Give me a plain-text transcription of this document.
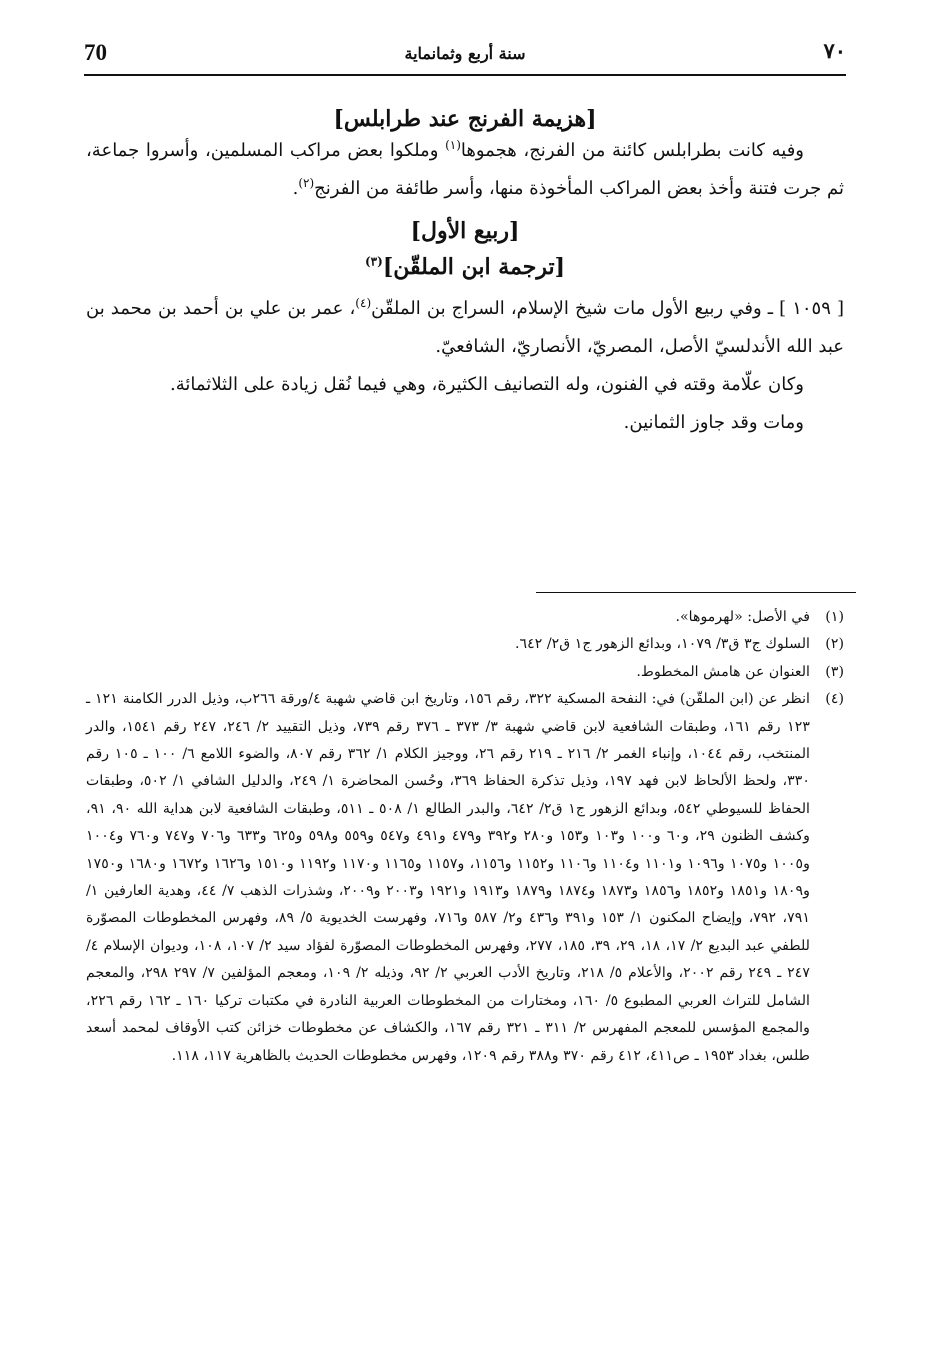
70	سنة أربع وثمانماية	٧٠
[هزيمة الفرنج عند طرابلس]

وفيه كانت بطرابلس كائنة من الفرنج، هجموها$^{(١)}$ وملكوا بعض مراكب المسلمين، وأسروا جماعة، ثم جرت فتنة وأخذ بعض المراكب المأخوذة منها، وأسر طائفة من الفرنج$^{(٢)}$.

[ربيع الأول]
[ترجمة ابن الملقّن]$^{(٣)}$

[ ١٠٥٩ ] ـ وفي ربيع الأول مات شيخ الإسلام، السراج بن الملقّن$^{(٤)}$، عمر بن علي بن أحمد بن محمد بن عبد الله الأندلسيّ الأصل، المصريّ، الأنصاريّ، الشافعيّ.

وكان علّامة وقته في الفنون، وله التصانيف الكثيرة، وهي فيما نُقل زيادة على الثلاثمائة.

ومات وقد جاوز الثمانين.

(١)
في الأصل: «لهرموها».
(٢)
السلوك ج٣ ق٣/ ١٠٧٩، وبدائع الزهور ج١ ق٢/ ٦٤٢.
(٣)
العنوان عن هامش المخطوط.
(٤)
انظر عن (ابن الملقّن) في: النفحة المسكية ٣٢٢، رقم ١٥٦، وتاريخ ابن قاضي شهبة ٤/ورقة ٢٦٦ب، وذيل الدرر الكامنة ١٢١ ـ ١٢٣ رقم ١٦١، وطبقات الشافعية لابن قاضي شهبة ٣/ ٣٧٣ ـ ٣٧٦ رقم ٧٣٩، وذيل التقييد ٢/ ٢٤٦، ٢٤٧ رقم ١٥٤١، والدر المنتخب، رقم ١٠٤٤، وإنباء الغمر ٢/ ٢١٦ ـ ٢١٩ رقم ٢٦، ووجيز الكلام ١/ ٣٦٢ رقم ٨٠٧، والضوء اللامع ٦/ ١٠٠ ـ ١٠٥ رقم ٣٣٠، ولحظ الألحاظ لابن فهد ١٩٧، وذيل تذكرة الحفاظ ٣٦٩، وحُسن المحاضرة ١/ ٢٤٩، والدليل الشافي ١/ ٥٠٢، وطبقات الحفاظ للسيوطي ٥٤٢، وبدائع الزهور ج١ ق٢/ ٦٤٢، والبدر الطالع ١/ ٥٠٨ ـ ٥١١، وطبقات الشافعية لابن هداية الله ٩٠، ٩١، وكشف الظنون ٢٩، و٦٠ و١٠٠ و١٠٣ و١٥٣ و٢٨٠ و٣٩٢ و٤٧٩ و٤٩١ و٥٤٧ و٥٥٩ و٥٩٨ و٦٢٥ و٦٣٣ و٧٠٦ و٧٤٧ و٧٦٠ و١٠٠٤ و١٠٠٥ و١٠٧٥ و١٠٩٦ و١١٠١ و١١٠٤ و١١٠٦ و١١٥٢ و١١٥٦، و١١٥٧ و١١٦٥ و١١٧٠ و١١٩٢ و١٥١٠ و١٦٢٦ و١٦٧٢ و١٦٨٠ و١٧٥٠ و١٨٠٩ و١٨٥١ و١٨٥٢ و١٨٥٦ و١٨٧٣ و١٨٧٤ و١٨٧٩ و١٩١٣ و١٩٢١ و٢٠٠٣ و٢٠٠٩، وشذرات الذهب ٧/ ٤٤، وهدية العارفين ١/ ٧٩١، ٧٩٢، وإيضاح المكنون ١/ ١٥٣ و٣٩١ و٤٣٦ و٢/ ٥٨٧ و٧١٦، وفهرست الخديوية ٥/ ٨٩، وفهرس المخطوطات المصوّرة للطفي عبد البديع ٢/ ١٧، ١٨، ٢٩، ٣٩، ١٨٥، ٢٧٧، وفهرس المخطوطات المصوّرة لفؤاد سيد ٢/ ١٠٧، ١٠٨، وديوان الإسلام ٤/ ٢٤٧ ـ ٢٤٩ رقم ٢٠٠٢، والأعلام ٥/ ٢١٨، وتاريخ الأدب العربي ٢/ ٩٢، وذيله ٢/ ١٠٩، ومعجم المؤلفين ٧/ ٢٩٧ ٢٩٨، والمعجم الشامل للتراث العربي المطبوع ٥/ ١٦٠، ومختارات من المخطوطات العربية النادرة في مكتبات تركيا ١٦٠ ـ ١٦٢ رقم ٢٢٦، والمجمع المؤسس للمعجم المفهرس ٢/ ٣١١ ـ ٣٢١ رقم ١٦٧، والكشاف عن مخطوطات خزائن كتب الأوقاف لمحمد أسعد طلس، بغداد ١٩٥٣ ـ ص٤١١، ٤١٢ رقم ٣٧٠ و٣٨٨ رقم ١٢٠٩، وفهرس مخطوطات الحديث بالظاهرية ١١٧، ١١٨.
